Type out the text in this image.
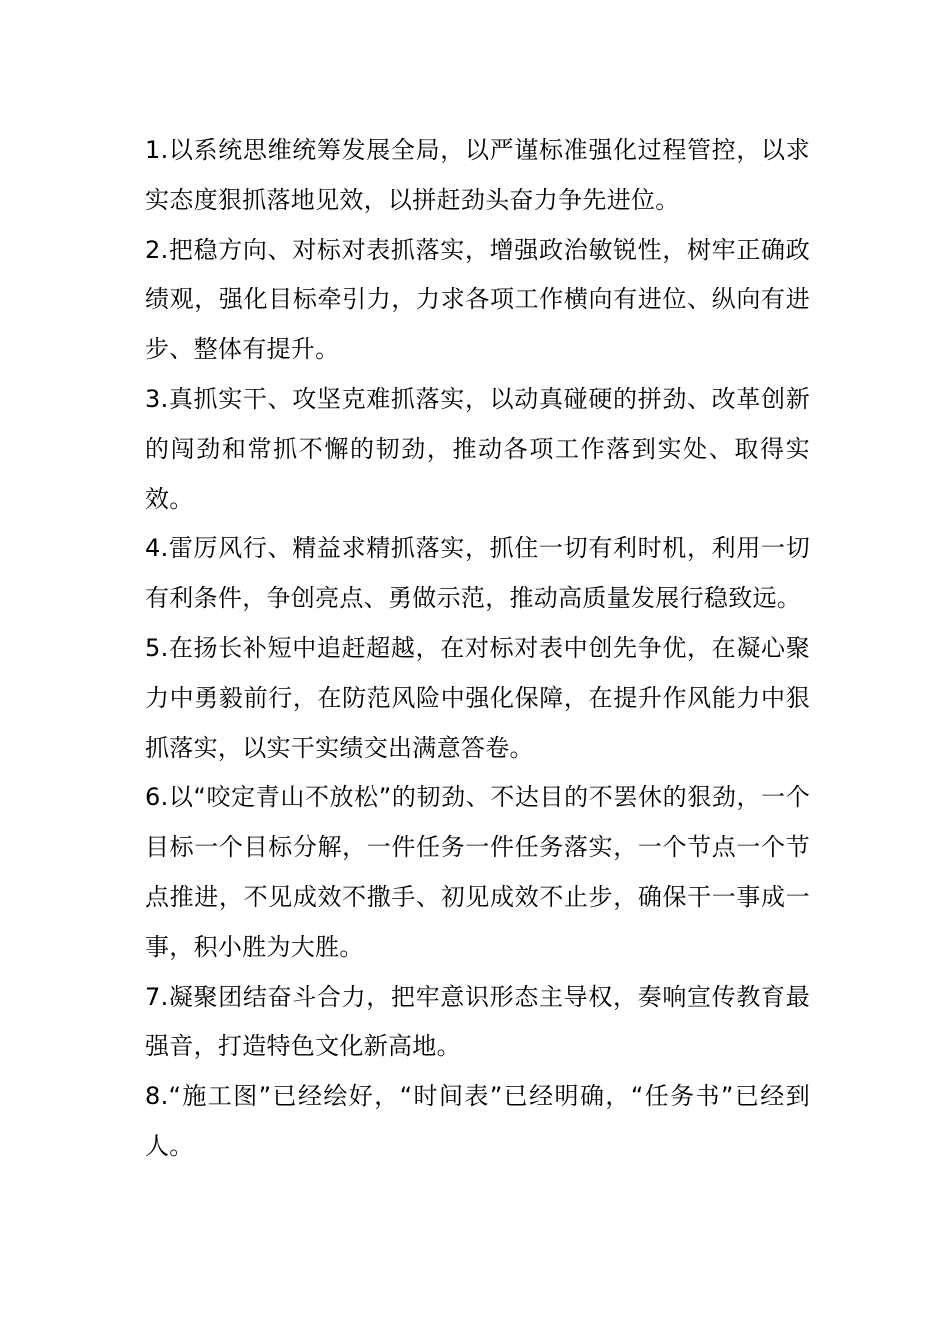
1.以系统思维统筹发展全局，以严谨标准强化过程管控，以求实态度狠抓落地见效，以拼赶劲头奋力争先进位。

2.把稳方向、对标对表抓落实，增强政治敏锐性，树牢正确政绩观，强化目标牵引力，力求各项工作横向有进位、纵向有进步、整体有提升。

3.真抓实干、攻坚克难抓落实，以动真碰硬的拼劲、改革创新的闯劲和常抓不懈的韧劲，推动各项工作落到实处、取得实效。

4.雷厉风行、精益求精抓落实，抓住一切有利时机，利用一切有利条件，争创亮点、勇做示范，推动高质量发展行稳致远。

5.在扬长补短中追赶超越，在对标对表中创先争优，在凝心聚力中勇毅前行，在防范风险中强化保障，在提升作风能力中狠抓落实，以实干实绩交出满意答卷。

6.以“咬定青山不放松”的韧劲、不达目的不罢休的狠劲，一个目标一个目标分解，一件任务一件任务落实，一个节点一个节点推进，不见成效不撒手、初见成效不止步，确保干一事成一事，积小胜为大胜。

7.凝聚团结奋斗合力，把牢意识形态主导权，奏响宣传教育最强音，打造特色文化新高地。

8.“施工图”已经绘好，“时间表”已经明确，“任务书”已经到人。
